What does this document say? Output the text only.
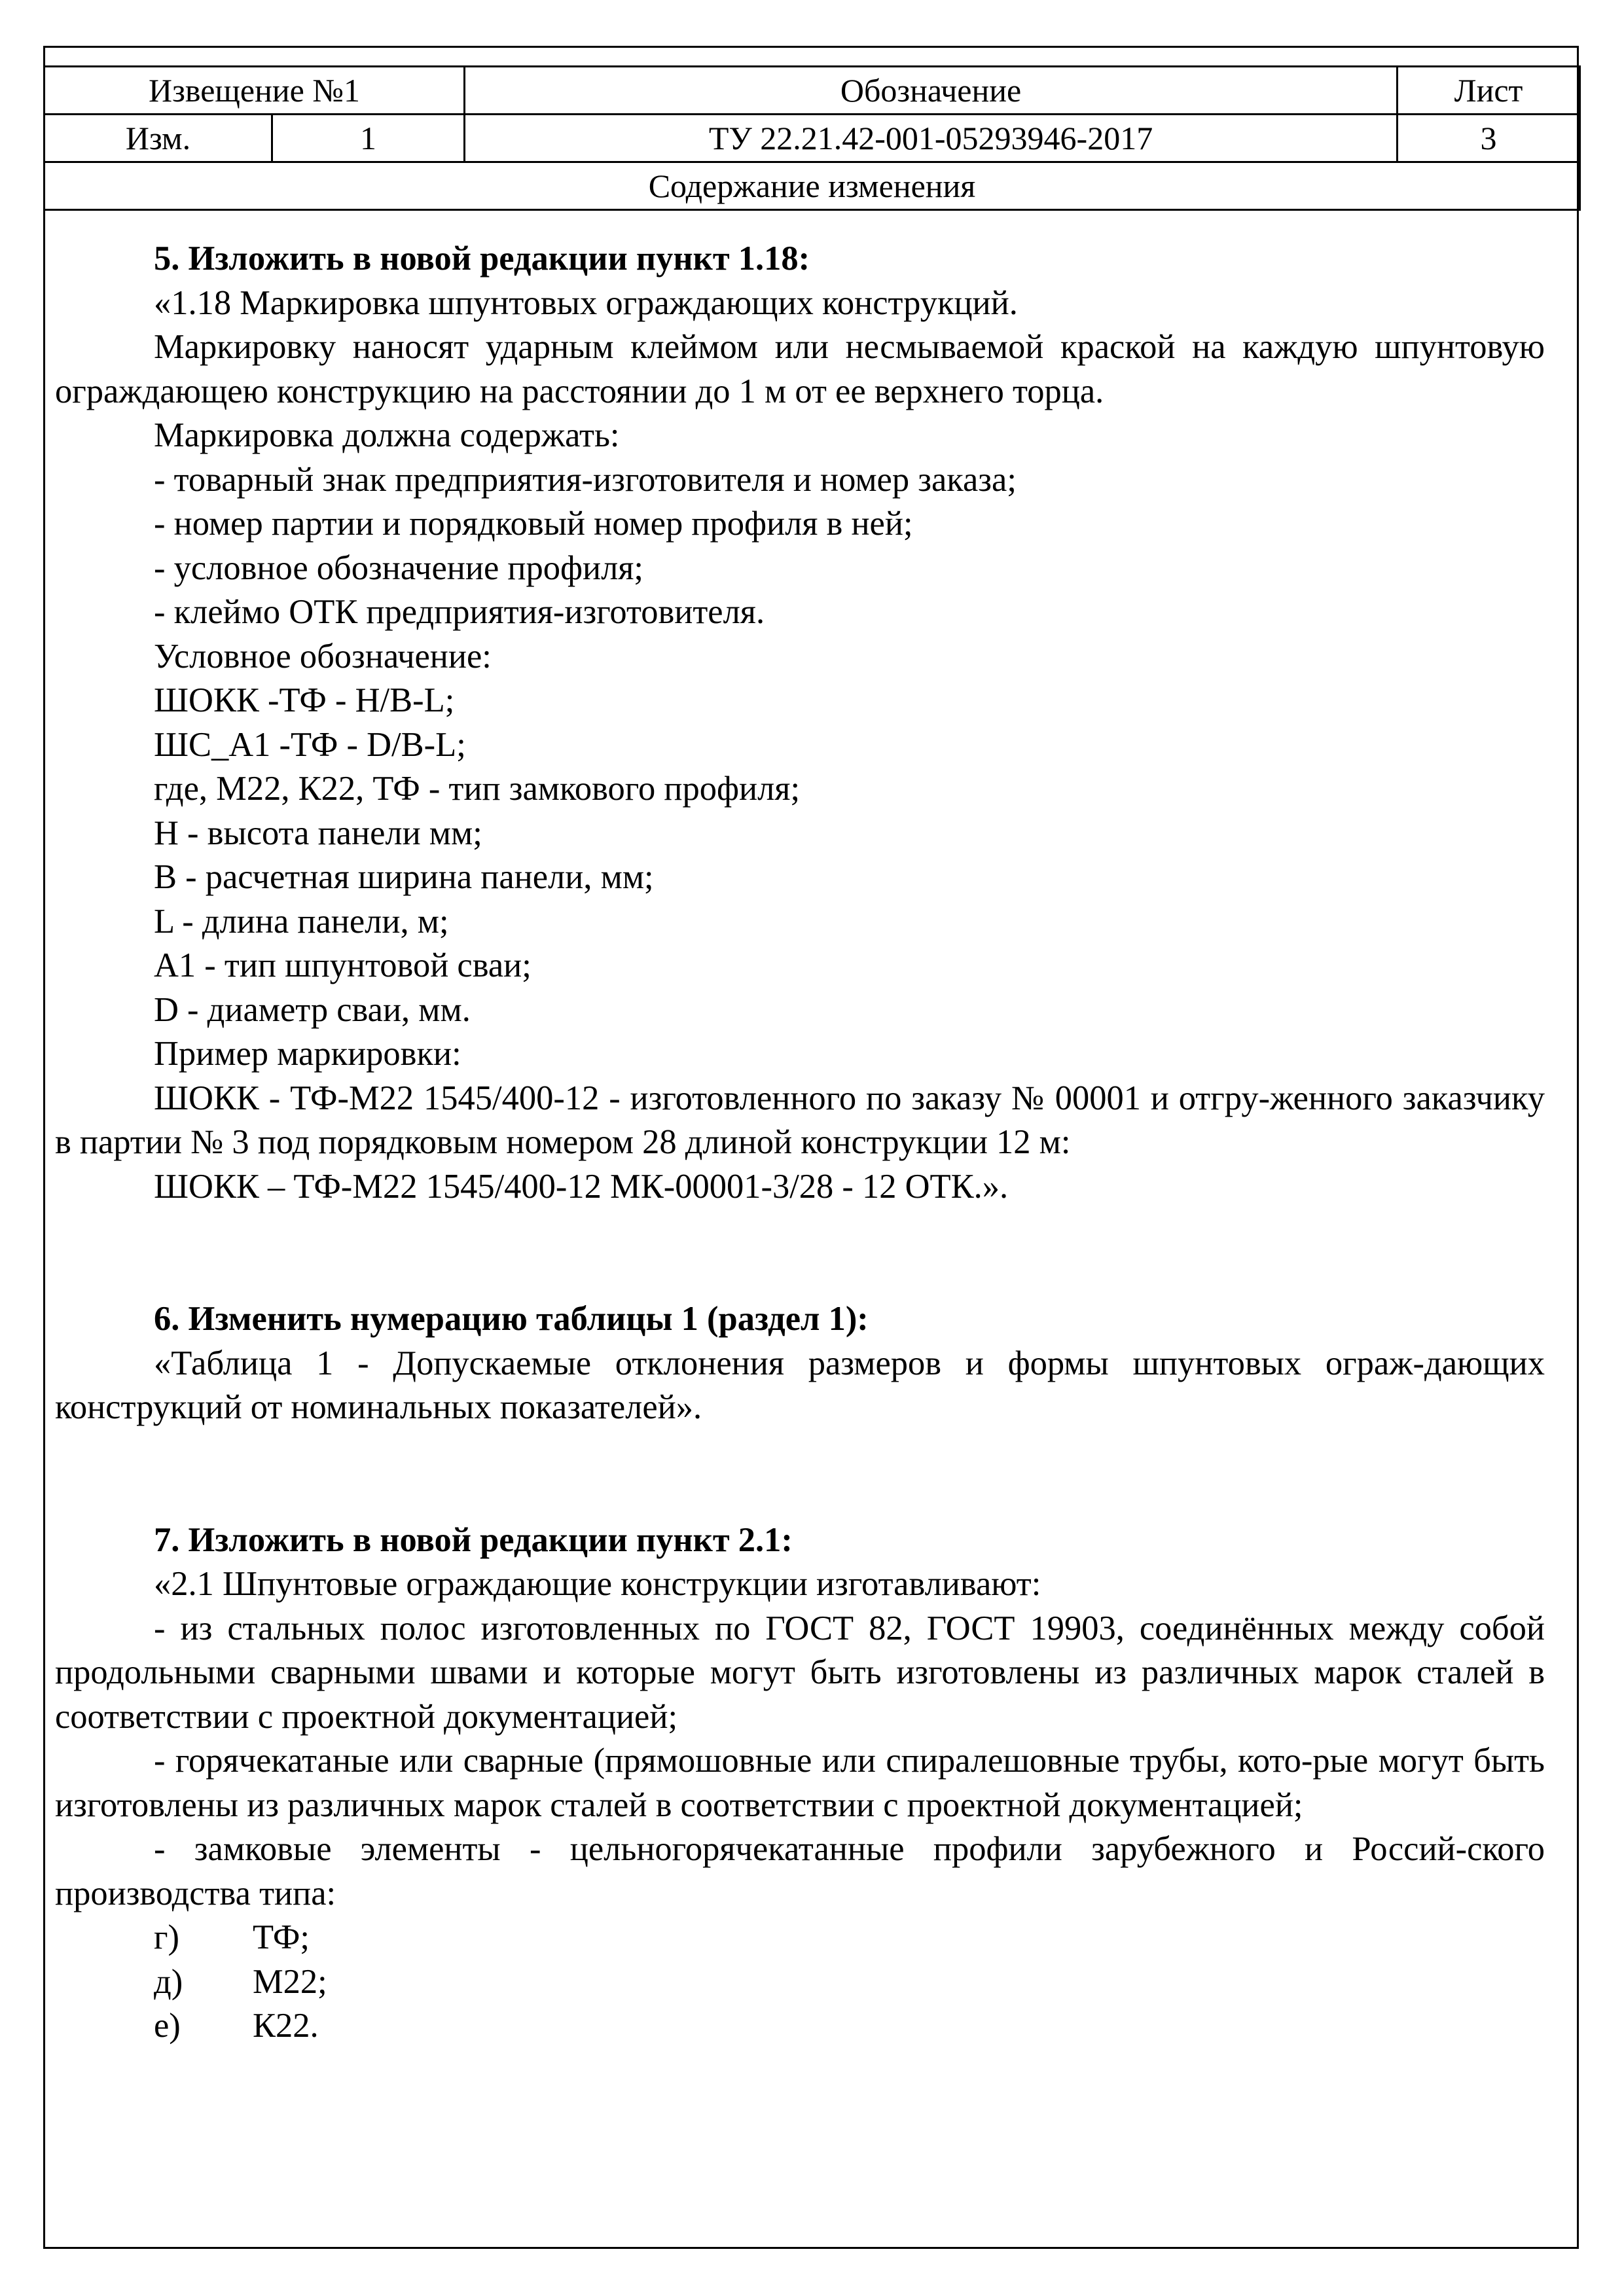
Извещение №1		Обозначение	Лист
Изм.	1	ТУ 22.21.42-001-05293946-2017	3
Содержание изменения			

5. Изложить в новой редакции пункт 1.18:

«1.18 Маркировка шпунтовых ограждающих конструкций.

Маркировку наносят ударным клеймом или несмываемой краской на каждую шпунтовую ограждающею конструкцию на расстоянии до 1 м от ее верхнего торца.

Маркировка должна содержать:

- товарный знак предприятия-изготовителя и номер заказа;

- номер партии и порядковый номер профиля в ней;

- условное обозначение профиля;

- клеймо ОТК предприятия-изготовителя.

Условное обозначение:

ШОКК -ТФ - H/B-L;

ШС_А1 -ТФ - D/B-L;

где, М22, К22, ТФ - тип замкового профиля;

H - высота панели мм;

B - расчетная ширина панели, мм;

L - длина панели, м;

А1 - тип шпунтовой сваи;

D - диаметр сваи, мм.

Пример маркировки:

ШОКК - ТФ-М22 1545/400-12 - изготовленного по заказу № 00001 и отгру-женного заказчику в партии № 3 под порядковым номером 28 длиной конструкции 12 м:

ШОКК – ТФ-М22 1545/400-12 МК-00001-3/28 - 12 ОТК.».

6. Изменить нумерацию таблицы 1 (раздел 1):

«Таблица 1 - Допускаемые отклонения размеров и формы шпунтовых ограж-дающих конструкций от номинальных показателей».

7. Изложить в новой редакции пункт 2.1:

«2.1 Шпунтовые ограждающие конструкции изготавливают:

- из стальных полос изготовленных по ГОСТ 82, ГОСТ 19903, соединённых между собой продольными сварными швами и которые могут быть изготовлены из различных марок сталей в соответствии с проектной документацией;

- горячекатаные или сварные (прямошовные или спиралешовные трубы, кото-рые могут быть изготовлены из различных марок сталей в соответствии с проектной документацией;

- замковые элементы - цельногорячекатанные профили зарубежного и Россий-ского производства типа:

г)	ТФ;
д)	М22;
е)	К22.
